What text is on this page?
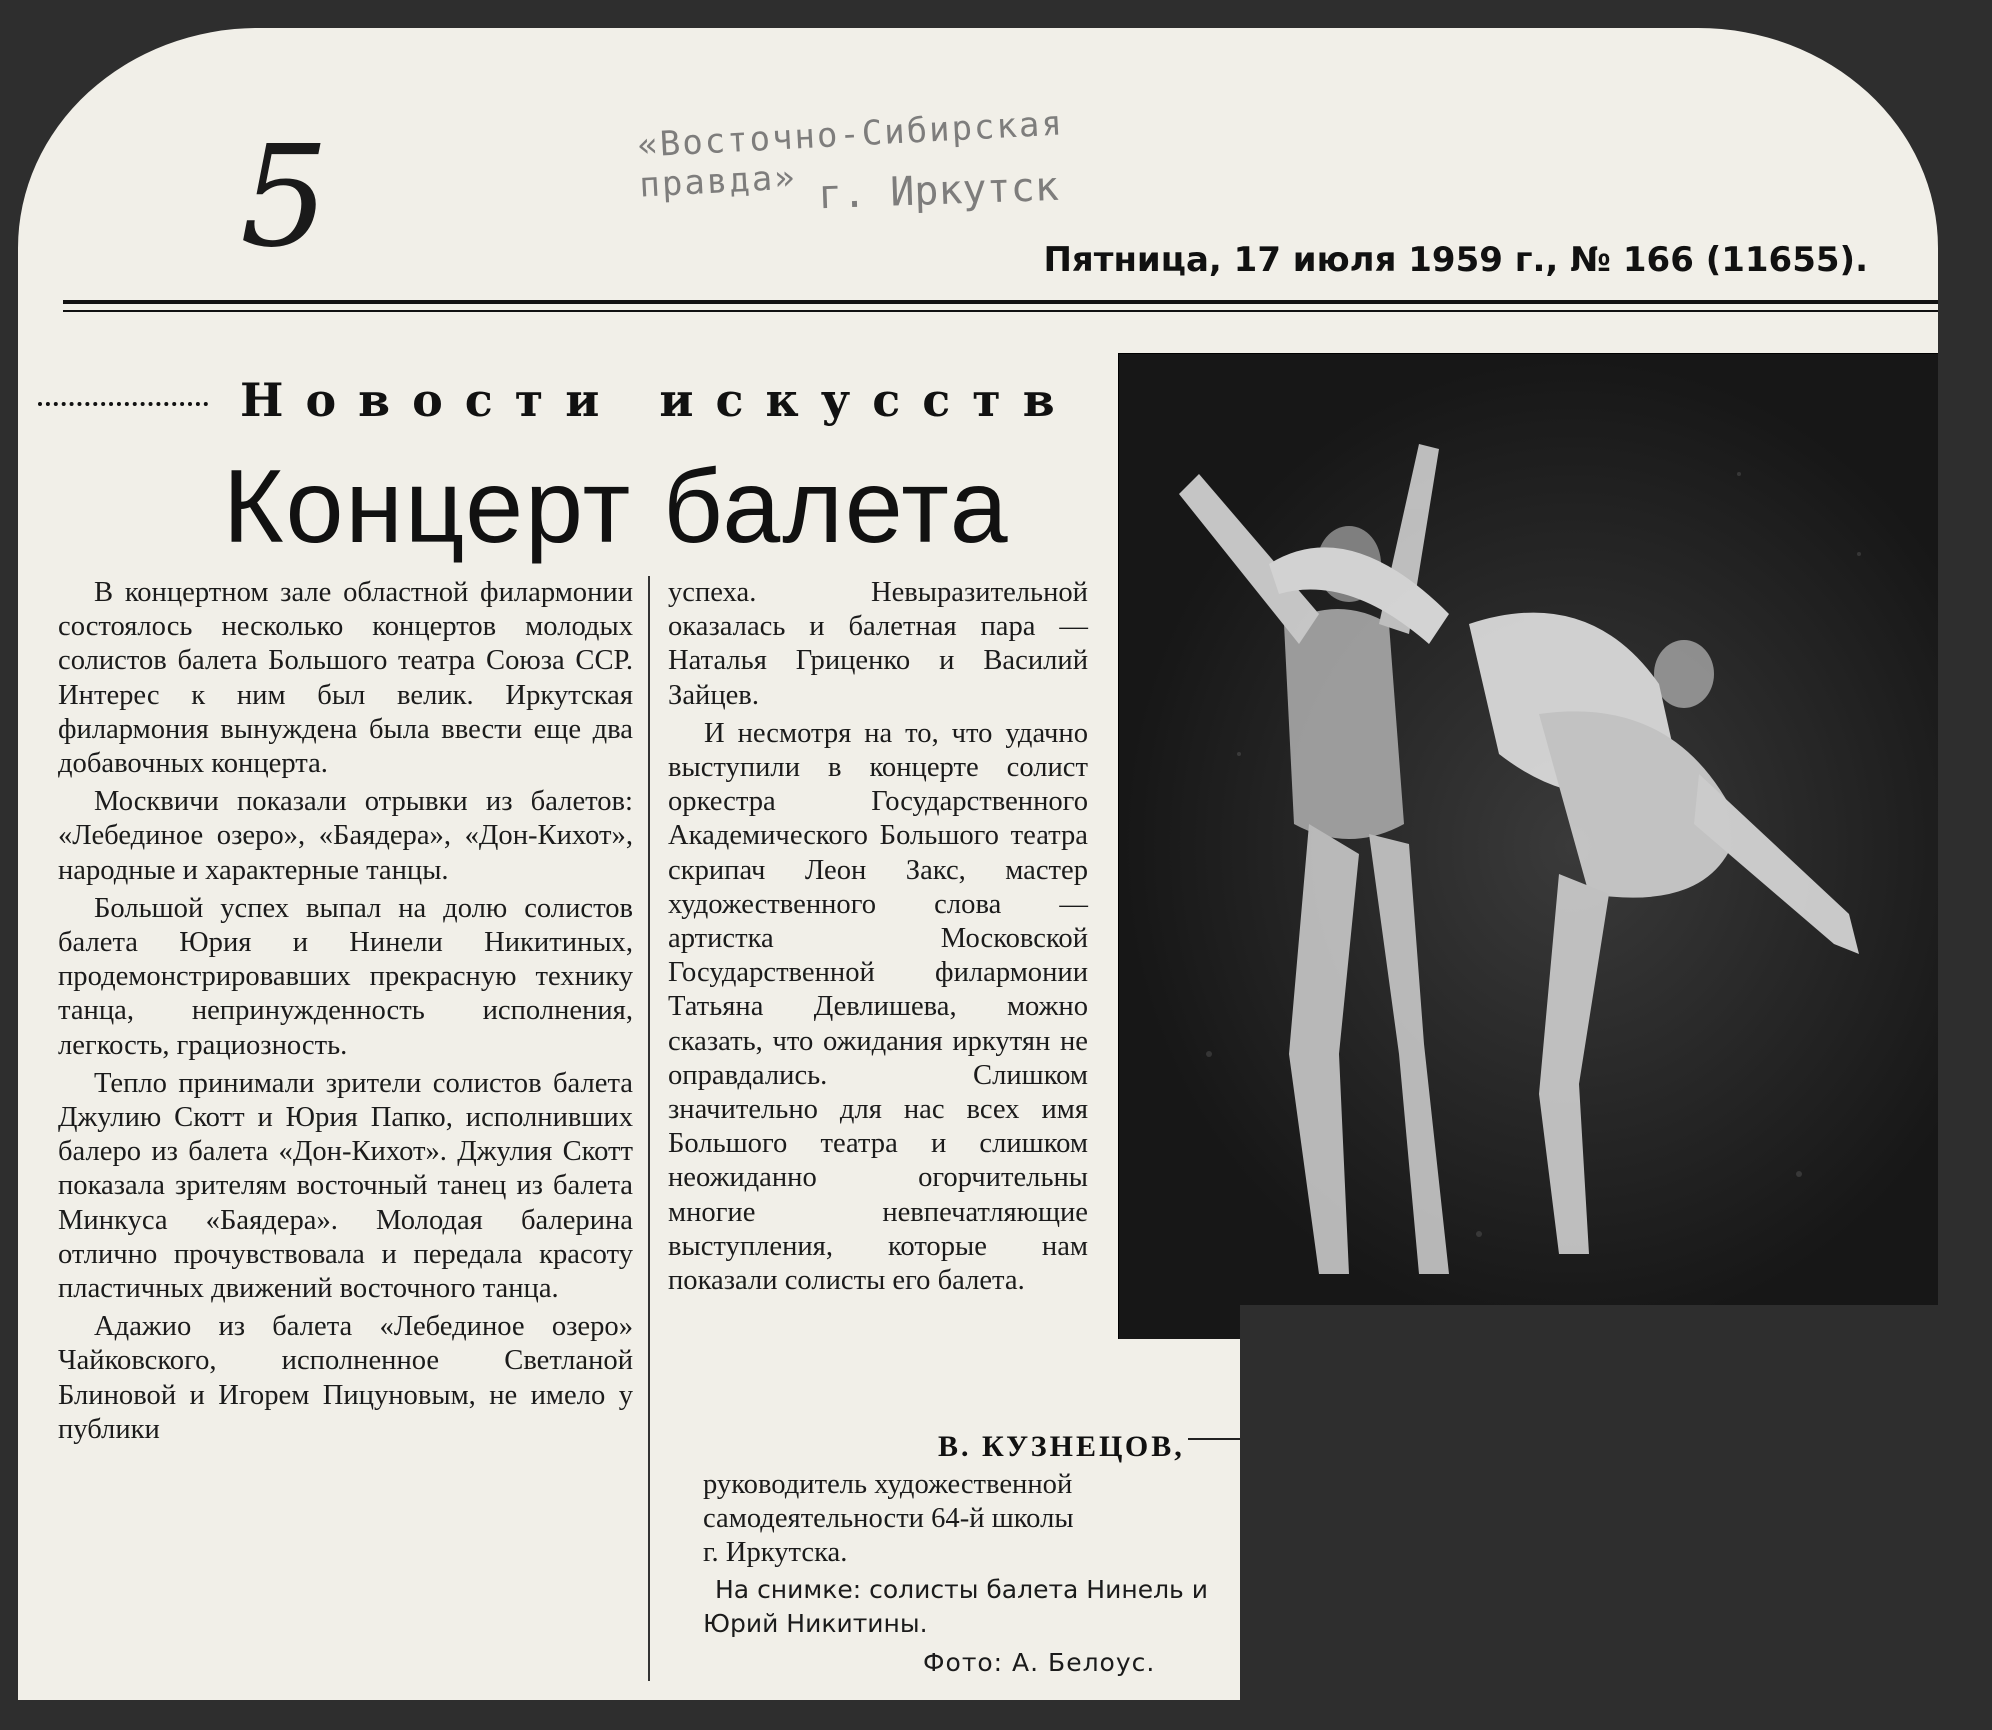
5	«Восточно-Сибирская правда» г. Иркутск
Пятница, 17 июля 1959 г., № 166 (11655).
Новости искусств
Концерт балета

В концертном зале областной филармонии состоялось несколько концертов молодых солистов балета Большого театра Союза ССР. Интерес к ним был велик. Иркутская филармония вынуждена была ввести еще два добавочных концерта.

Москвичи показали отрывки из балетов: «Лебединое озеро», «Баядера», «Дон-Кихот», народные и характерные танцы.

Большой успех выпал на долю солистов балета Юрия и Нинели Никитиных, продемонстрировавших прекрасную технику танца, непринужденность исполнения, легкость, грациозность.

Тепло принимали зрители солистов балета Джулию Скотт и Юрия Папко, исполнивших балеро из балета «Дон-Кихот». Джулия Скотт показала зрителям восточный танец из балета Минкуса «Баядера». Молодая балерина отлично прочувствовала и передала красоту пластичных движений восточного танца.

Адажио из балета «Лебединое озеро» Чайковского, исполненное Светланой Блиновой и Игорем Пицуновым, не имело у публики

успеха. Невыразительной оказалась и балетная пара — Наталья Гриценко и Василий Зайцев.

И несмотря на то, что удачно выступили в концерте солист оркестра Государственного Академического Большого театра скрипач Леон Закс, мастер художественного слова — артистка Московской Государственной филармонии Татьяна Девлишева, можно сказать, что ожидания иркутян не оправдались. Слишком значительно для нас всех имя Большого театра и слишком неожиданно огорчительны многие невпечатляющие выступления, которые нам показали солисты его балета.

В. КУЗНЕЦОВ,
руководитель художественной
самодеятельности 64-й школы
г. Иркутска.

На снимке: солисты балета Нинель и Юрий Никитины.

Фото: А. Белоус.
